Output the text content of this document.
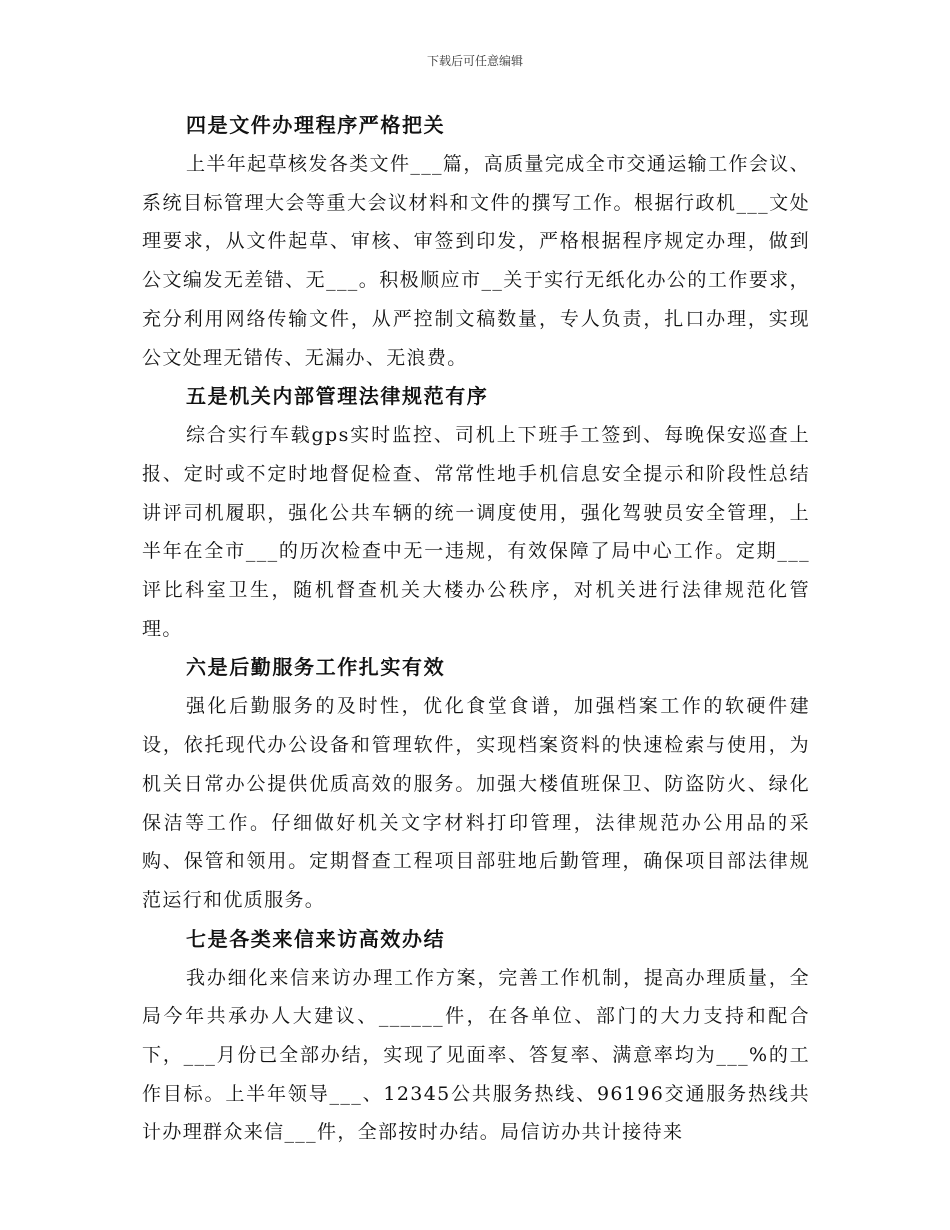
下载后可任意编辑
四是文件办理程序严格把关

上半年起草核发各类文件___篇，高质量完成全市交通运输工作会议、系统目标管理大会等重大会议材料和文件的撰写工作。根据行政机___文处理要求，从文件起草、审核、审签到印发，严格根据程序规定办理，做到公文编发无差错、无___。积极顺应市__关于实行无纸化办公的工作要求，充分利用网络传输文件，从严控制文稿数量，专人负责，扎口办理，实现公文处理无错传、无漏办、无浪费。

五是机关内部管理法律规范有序

综合实行车载gps实时监控、司机上下班手工签到、每晚保安巡查上报、定时或不定时地督促检查、常常性地手机信息安全提示和阶段性总结讲评司机履职，强化公共车辆的统一调度使用，强化驾驶员安全管理，上半年在全市___的历次检查中无一违规，有效保障了局中心工作。定期___评比科室卫生，随机督查机关大楼办公秩序，对机关进行法律规范化管理。

六是后勤服务工作扎实有效

强化后勤服务的及时性，优化食堂食谱，加强档案工作的软硬件建设，依托现代办公设备和管理软件，实现档案资料的快速检索与使用，为机关日常办公提供优质高效的服务。加强大楼值班保卫、防盗防火、绿化保洁等工作。仔细做好机关文字材料打印管理，法律规范办公用品的采购、保管和领用。定期督查工程项目部驻地后勤管理，确保项目部法律规范运行和优质服务。

七是各类来信来访高效办结

我办细化来信来访办理工作方案，完善工作机制，提高办理质量，全局今年共承办人大建议、______件，在各单位、部门的大力支持和配合下，___月份已全部办结，实现了见面率、答复率、满意率均为___%的工作目标。上半年领导___、12345公共服务热线、96196交通服务热线共计办理群众来信___件，全部按时办结。局信访办共计接待来
